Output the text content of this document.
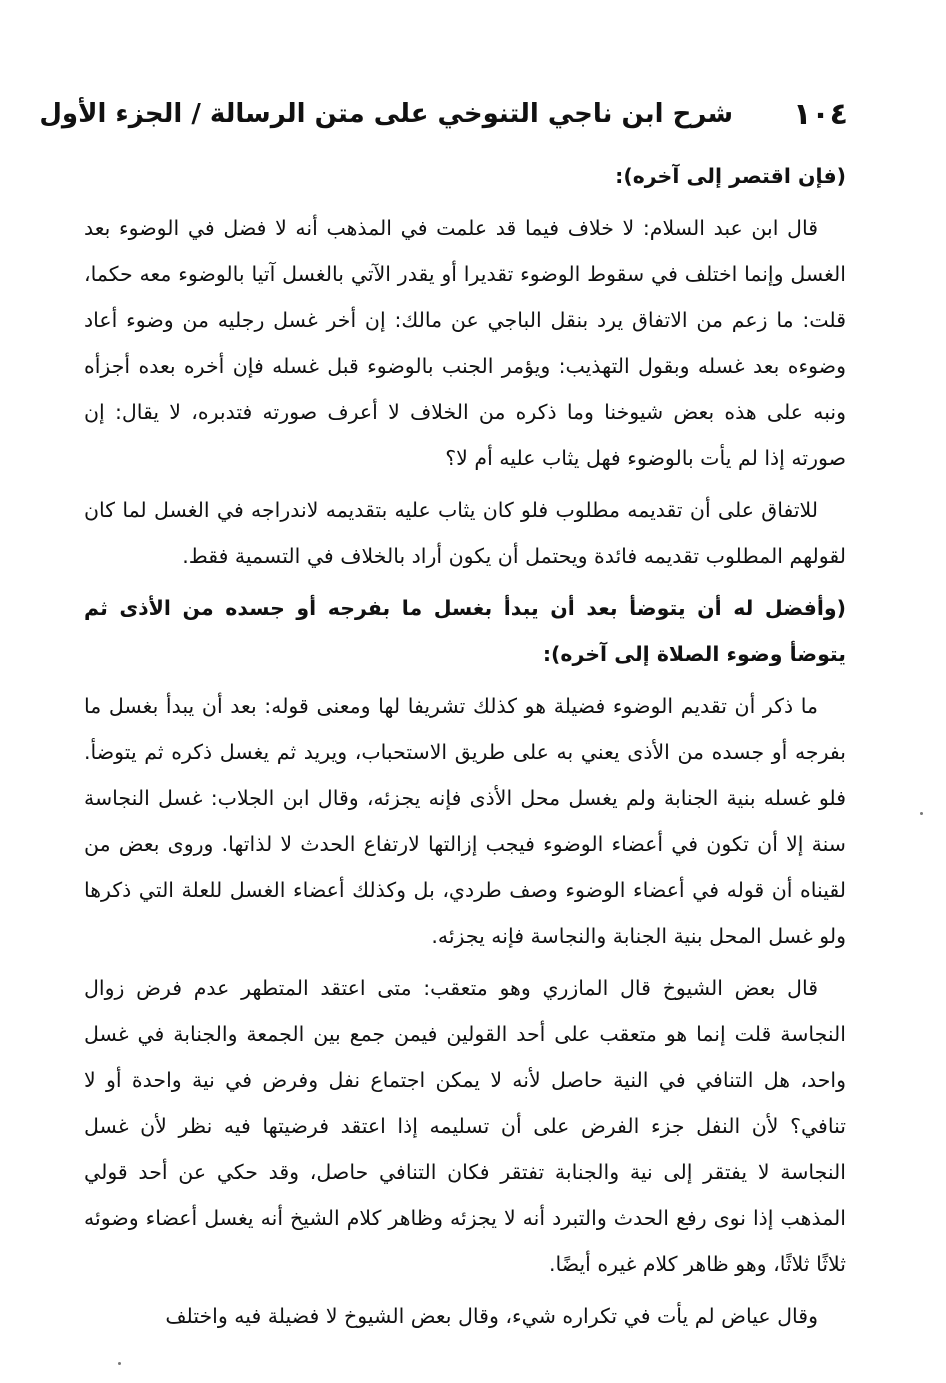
١٠٤
شرح ابن ناجي التنوخي على متن الرسالة / الجزء الأول

(فإن اقتصر إلى آخره):

قال ابن عبد السلام: لا خلاف فيما قد علمت في المذهب أنه لا فضل في الوضوء بعد الغسل وإنما اختلف في سقوط الوضوء تقديرا أو يقدر الآتي بالغسل آتيا بالوضوء معه حكما، قلت: ما زعم من الاتفاق يرد بنقل الباجي عن مالك: إن أخر غسل رجليه من وضوء أعاد وضوءه بعد غسله وبقول التهذيب: ويؤمر الجنب بالوضوء قبل غسله فإن أخره بعده أجزأه ونبه على هذه بعض شيوخنا وما ذكره من الخلاف لا أعرف صورته فتدبره، لا يقال: إن صورته إذا لم يأت بالوضوء فهل يثاب عليه أم لا؟

للاتفاق على أن تقديمه مطلوب فلو كان يثاب عليه بتقديمه لاندراجه في الغسل لما كان لقولهم المطلوب تقديمه فائدة ويحتمل أن يكون أراد بالخلاف في التسمية فقط.

(وأفضل له أن يتوضأ بعد أن يبدأ بغسل ما بفرجه أو جسده من الأذى ثم يتوضأ وضوء الصلاة إلى آخره):

ما ذكر أن تقديم الوضوء فضيلة هو كذلك تشريفا لها ومعنى قوله: بعد أن يبدأ بغسل ما بفرجه أو جسده من الأذى يعني به على طريق الاستحباب، ويريد ثم يغسل ذكره ثم يتوضأ. فلو غسله بنية الجنابة ولم يغسل محل الأذى فإنه يجزئه، وقال ابن الجلاب: غسل النجاسة سنة إلا أن تكون في أعضاء الوضوء فيجب إزالتها لارتفاع الحدث لا لذاتها. وروى بعض من لقيناه أن قوله في أعضاء الوضوء وصف طردي، بل وكذلك أعضاء الغسل للعلة التي ذكرها ولو غسل المحل بنية الجنابة والنجاسة فإنه يجزئه.

قال بعض الشيوخ قال المازري وهو متعقب: متى اعتقد المتطهر عدم فرض زوال النجاسة قلت إنما هو متعقب على أحد القولين فيمن جمع بين الجمعة والجنابة في غسل واحد، هل التنافي في النية حاصل لأنه لا يمكن اجتماع نفل وفرض في نية واحدة أو لا تنافي؟ لأن النفل جزء الفرض على أن تسليمه إذا اعتقد فرضيتها فيه نظر لأن غسل النجاسة لا يفتقر إلى نية والجنابة تفتقر فكان التنافي حاصل، وقد حكي عن أحد قولي المذهب إذا نوى رفع الحدث والتبرد أنه لا يجزئه وظاهر كلام الشيخ أنه يغسل أعضاء وضوئه ثلاثًا ثلاثًا، وهو ظاهر كلام غيره أيضًا.

وقال عياض لم يأت في تكراره شيء، وقال بعض الشيوخ لا فضيلة فيه واختلف
